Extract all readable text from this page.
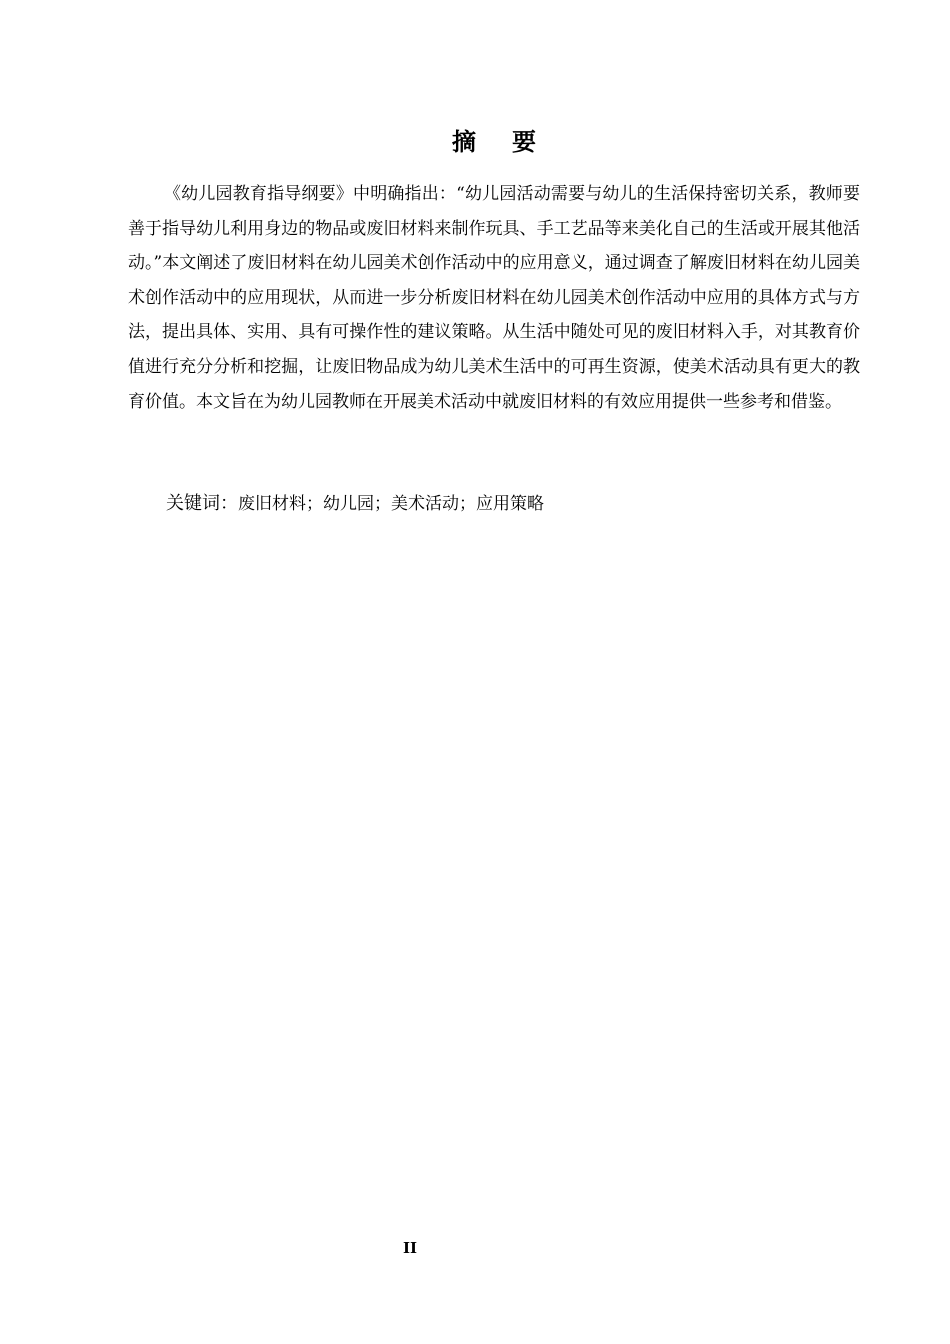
摘 要

《幼儿园教育指导纲要》中明确指出：“幼儿园活动需要与幼儿的生活保持密切关系，教师要善于指导幼儿利用身边的物品或废旧材料来制作玩具、手工艺品等来美化自己的生活或开展其他活动。”本文阐述了废旧材料在幼儿园美术创作活动中的应用意义，通过调查了解废旧材料在幼儿园美术创作活动中的应用现状，从而进一步分析废旧材料在幼儿园美术创作活动中应用的具体方式与方法，提出具体、实用、具有可操作性的建议策略。从生活中随处可见的废旧材料入手，对其教育价值进行充分分析和挖掘，让废旧物品成为幼儿美术生活中的可再生资源，使美术活动具有更大的教育价值。本文旨在为幼儿园教师在开展美术活动中就废旧材料的有效应用提供一些参考和借鉴。

关键词：废旧材料；幼儿园；美术活动；应用策略
II
